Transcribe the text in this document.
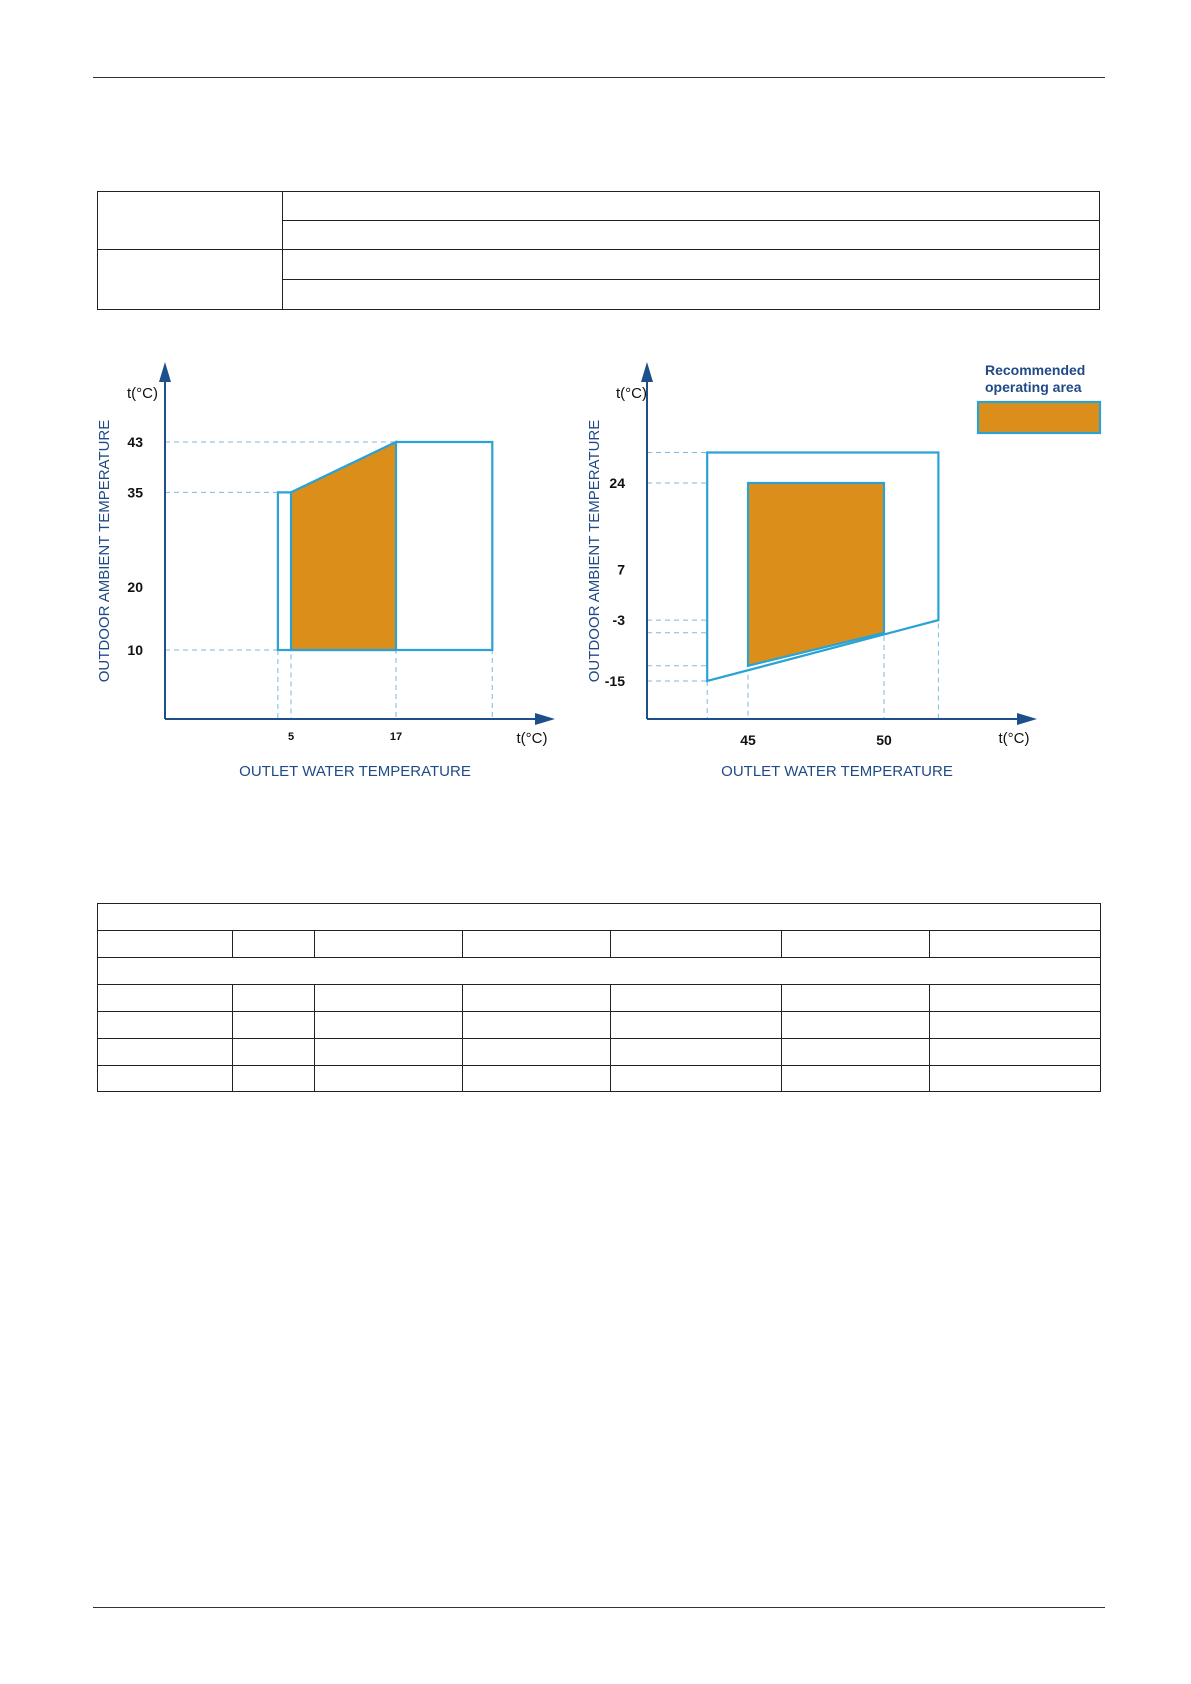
10
20
35
43
5	17
t(°C)
t(°C)
OUTLET WATER TEMPERATURE
OUTDOOR AMBIENT TEMPERATURE	-15
-3
7
24
45	50
t(°C)
t(°C)
OUTLET WATER TEMPERATURE
OUTDOOR AMBIENT TEMPERATURE
Recommended operating area
